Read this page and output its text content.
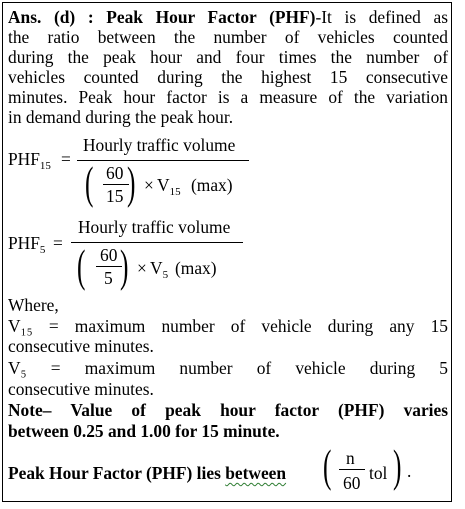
Ans. (d) : Peak Hour Factor (PHF)-It is defined as
the ratio between the number of vehicles counted
during the peak hour and four times the number of
vehicles counted during the highest 15 consecutive
minutes. Peak hour factor is a measure of the variation
in demand during the peak hour.
$PHF_{15}$ =
Hourly traffic volume
( 60
15 ) × $V_{15}$ (max)
$PHF_5$ =
Hourly traffic volume
( 60
5 ) × $V_5$ (max)
Where,
V₁₅ = maximum number of vehicle during any 15
consecutive minutes.
V₅ = maximum number of vehicle during 5
consecutive minutes.
Note– Value of peak hour factor (PHF) varies
between 0.25 and 1.00 for 15 minute.
Peak Hour Factor (PHF) lies between ( n
60 tol ) .
